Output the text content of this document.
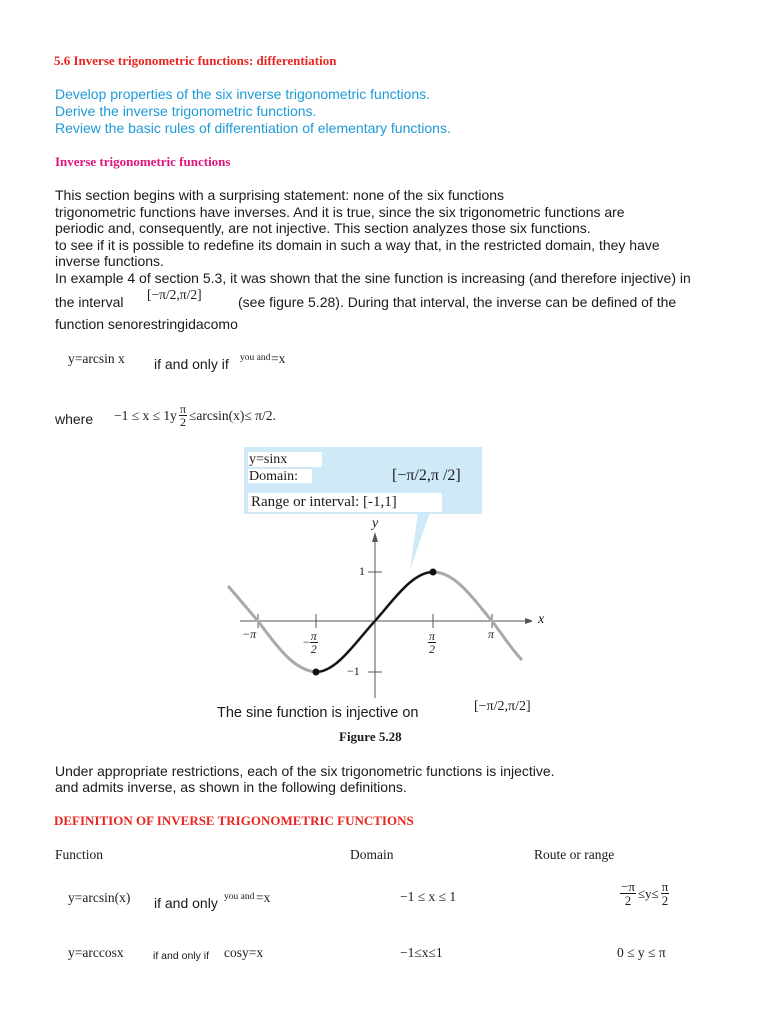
5.6 Inverse trigonometric functions: differentiation
Develop properties of the six inverse trigonometric functions.
Derive the inverse trigonometric functions.
Review the basic rules of differentiation of elementary functions.
Inverse trigonometric functions
This section begins with a surprising statement: none of the six functions
trigonometric functions have inverses. And it is true, since the six trigonometric functions are
periodic and, consequently, are not injective. This section analyzes those six functions.
to see if it is possible to redefine its domain in such a way that, in the restricted domain, they have
inverse functions.
In example 4 of section 5.3, it was shown that the sine function is increasing (and therefore injective) in
the interval [−π/2,π/2]	(see figure 5.28). During that interval, the inverse can be defined of the
function senorestringidacomo
y=arcsin x if and only if you and =x
where $-1 \le x \le 1y \frac{\pi}{2} \le\arcsin(x)\le \pi/2$.
y=sinx
Domain:	[−π/2,π /2]
Range or interval: [-1,1]
y
x
1
−1
−π	π
− $\frac{\pi}{2}$	$\frac{\pi}{2}$
The sine function is injective on	[−π/2,π/2]
Figure 5.28
Under appropriate restrictions, each of the six trigonometric functions is injective.
and admits inverse, as shown in the following definitions.
DEFINITION OF INVERSE TRIGONOMETRIC FUNCTIONS
Function	Domain	Route or range
y=arcsin(x) if and only you and =x	−1 ≤ x ≤ 1	$\frac{-\pi}{2} \le y\le \frac{\pi}{2}$
y=arccosx	if and only if cosy=x	−1≤x≤1	0 ≤ y ≤ π
